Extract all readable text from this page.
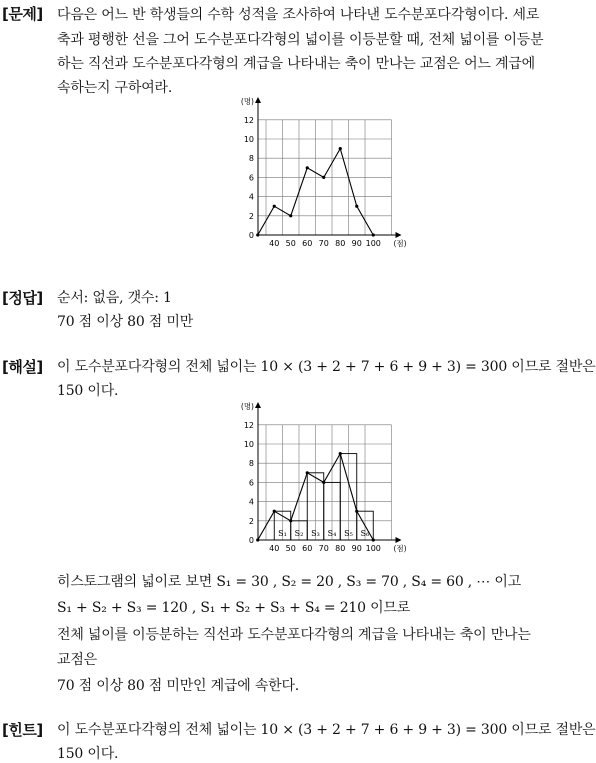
[문제] 다음은 어느 반 학생들의 수학 성적을 조사하여 나타낸 도수분포다각형이다. 세로
축과 평행한 선을 그어 도수분포다각형의 넓이를 이등분할 때, 전체 넓이를 이등분
하는 직선과 도수분포다각형의 계급을 나타내는 축이 만나는 교점은 어느 계급에
속하는지 구하여라.
0
2
4
6
8
10
12
(명)
40 50 60 70 80 90 100 (점)
[정답] 순서: 없음, 갯수: 1
70 점 이상 80 점 미만
[해설] 이 도수분포다각형의 전체 넓이는 10 × (3 + 2 + 7 + 6 + 9 + 3) = 300 이므로 절반은
150 이다.
S₁ S₂ S₃ S₄ S₅ S₆
0
2
4
6
8
10
12
(명)
40 50 60 70 80 90 100 (점)
히스토그램의 넓이로 보면 S₁ = 30 , S₂ = 20 , S₃ = 70 , S₄ = 60 , ⋯ 이고
S₁ + S₂ + S₃ = 120 , S₁ + S₂ + S₃ + S₄ = 210 이므로
전체 넓이를 이등분하는 직선과 도수분포다각형의 계급을 나타내는 축이 만나는
교점은
70 점 이상 80 점 미만인 계급에 속한다.
[힌트] 이 도수분포다각형의 전체 넓이는 10 × (3 + 2 + 7 + 6 + 9 + 3) = 300 이므로 절반은
150 이다.
